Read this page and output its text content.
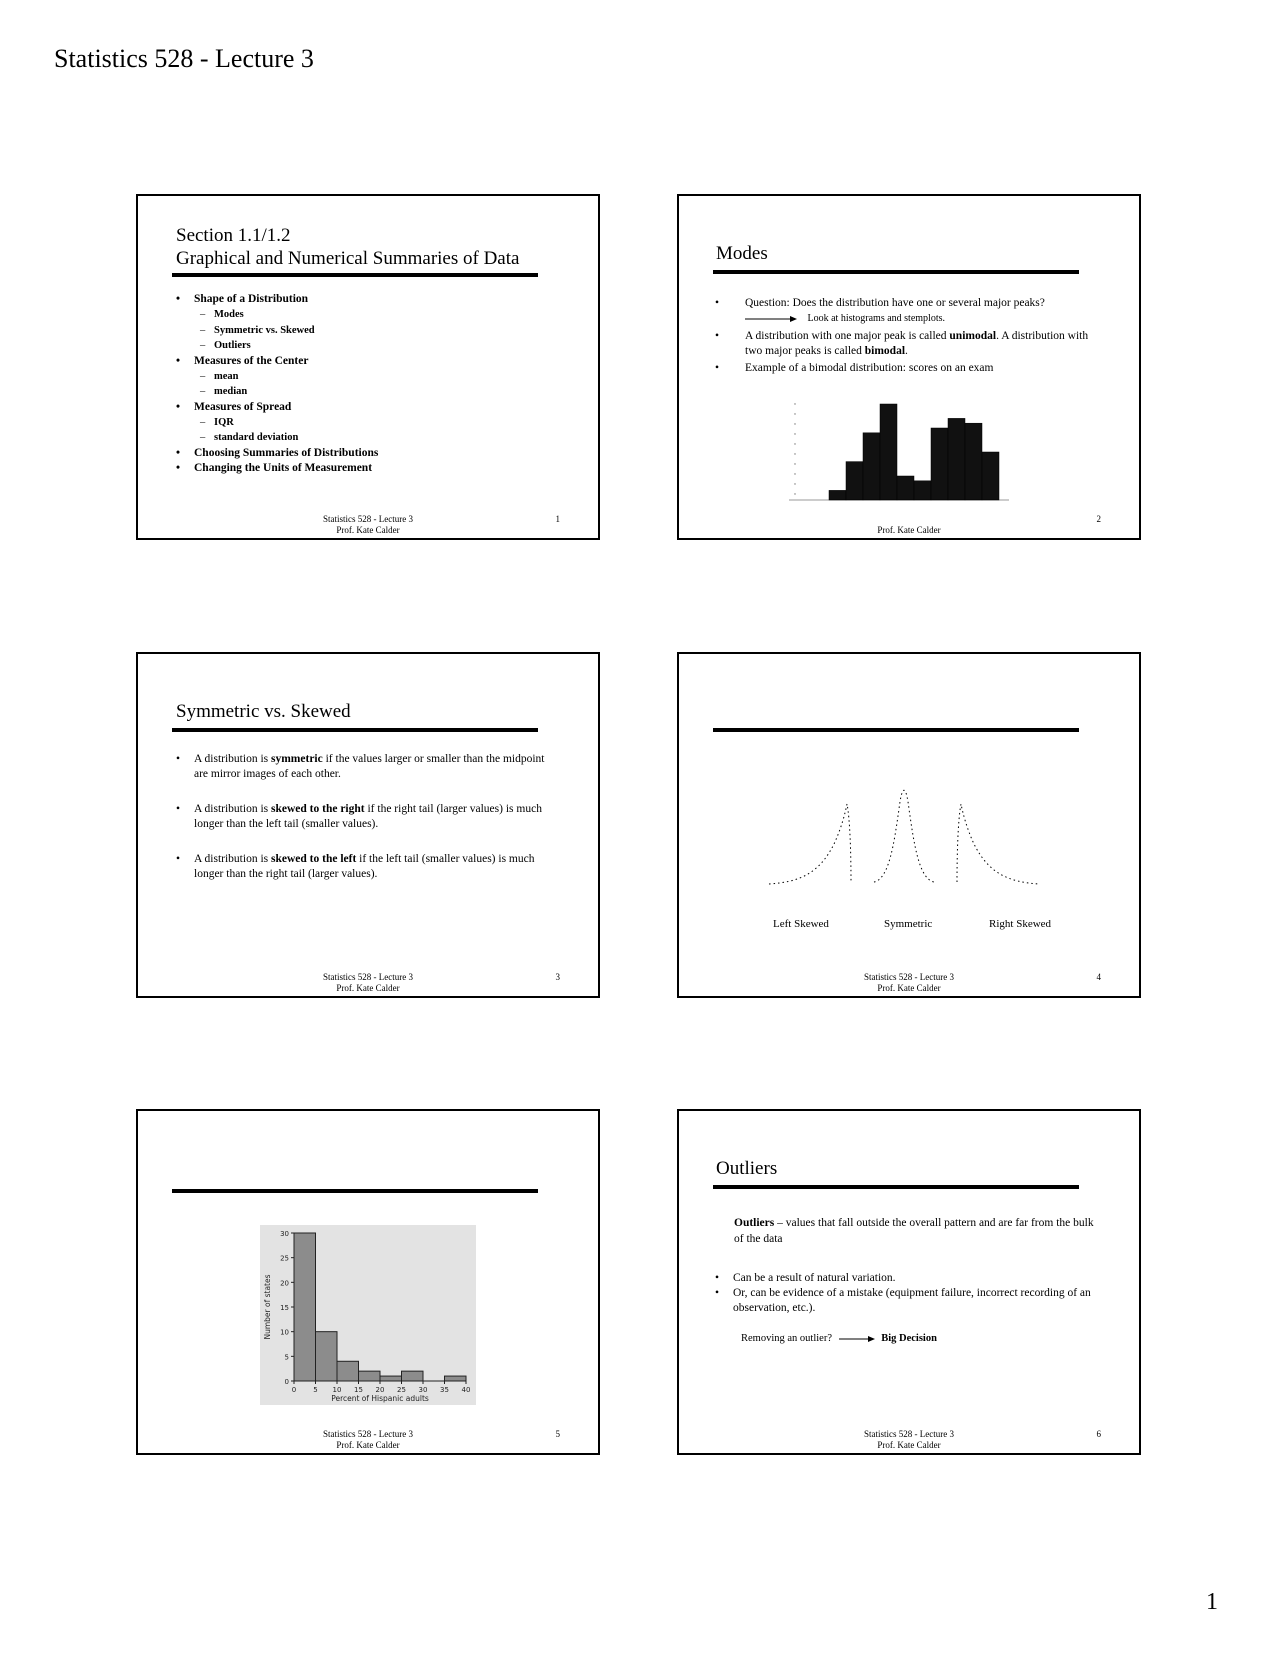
Statistics 528 - Lecture 3
Section 1.1/1.2
Graphical and Numerical Summaries of Data
• Shape of a Distribution
– Modes
– Symmetric vs. Skewed
– Outliers
• Measures of the Center
– mean
– median
• Measures of Spread
– IQR
– standard deviation
• Choosing Summaries of Distributions
• Changing the Units of Measurement
Statistics 528 - Lecture 3
Prof. Kate Calder
1
Modes
• Question: Does the distribution have one or several major peaks?
Look at histograms and stemplots.
• A distribution with one major peak is called unimodal. A distribution with two major peaks is called bimodal.
• Example of a bimodal distribution: scores on an exam

Prof. Kate Calder
2
Symmetric vs. Skewed
• A distribution is symmetric if the values larger or smaller than the midpoint are mirror images of each other.
• A distribution is skewed to the right if the right tail (larger values) is much longer than the left tail (smaller values).
• A distribution is skewed to the left if the left tail (smaller values) is much longer than the right tail (larger values).
Statistics 528 - Lecture 3
Prof. Kate Calder
3
Left Skewed	Symmetric	Right Skewed
Statistics 528 - Lecture 3
Prof. Kate Calder
4
0
5
10
15
20
25
30
0 5 10 15 20 25 30 35 40
Percent of Hispanic adults
Number of states
Statistics 528 - Lecture 3
Prof. Kate Calder
5
Outliers
Outliers – values that fall outside the overall pattern and are far from the bulk of the data
• Can be a result of natural variation.
• Or, can be evidence of a mistake (equipment failure, incorrect recording of an observation, etc.).
Removing an outlier?	Big Decision
Statistics 528 - Lecture 3
Prof. Kate Calder
6
1
